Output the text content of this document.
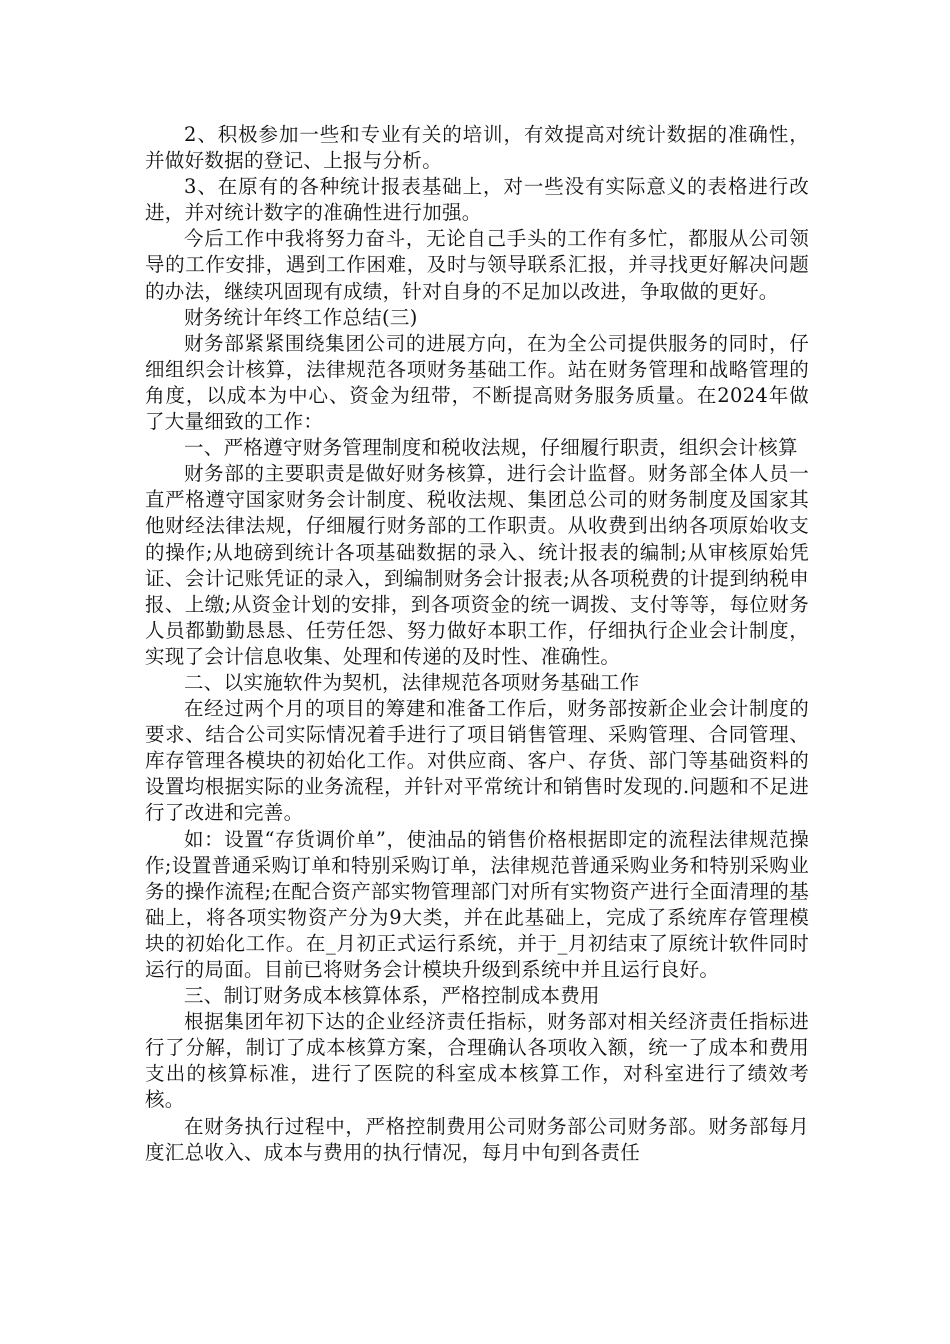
2、积极参加一些和专业有关的培训，有效提高对统计数据的准确性，并做好数据的登记、上报与分析。

3、在原有的各种统计报表基础上，对一些没有实际意义的表格进行改进，并对统计数字的准确性进行加强。

今后工作中我将努力奋斗，无论自己手头的工作有多忙，都服从公司领导的工作安排，遇到工作困难，及时与领导联系汇报，并寻找更好解决问题的办法，继续巩固现有成绩，针对自身的不足加以改进，争取做的更好。

财务统计年终工作总结(三)

财务部紧紧围绕集团公司的进展方向，在为全公司提供服务的同时，仔细组织会计核算，法律规范各项财务基础工作。站在财务管理和战略管理的角度，以成本为中心、资金为纽带，不断提高财务服务质量。在2024年做了大量细致的工作：

一、严格遵守财务管理制度和税收法规，仔细履行职责，组织会计核算

财务部的主要职责是做好财务核算，进行会计监督。财务部全体人员一直严格遵守国家财务会计制度、税收法规、集团总公司的财务制度及国家其他财经法律法规，仔细履行财务部的工作职责。从收费到出纳各项原始收支的操作;从地磅到统计各项基础数据的录入、统计报表的编制;从审核原始凭证、会计记账凭证的录入，到编制财务会计报表;从各项税费的计提到纳税申报、上缴;从资金计划的安排，到各项资金的统一调拨、支付等等，每位财务人员都勤勤恳恳、任劳任怨、努力做好本职工作，仔细执行企业会计制度，实现了会计信息收集、处理和传递的及时性、准确性。

二、以实施软件为契机，法律规范各项财务基础工作

在经过两个月的项目的筹建和准备工作后，财务部按新企业会计制度的要求、结合公司实际情况着手进行了项目销售管理、采购管理、合同管理、库存管理各模块的初始化工作。对供应商、客户、存货、部门等基础资料的设置均根据实际的业务流程，并针对平常统计和销售时发现的.问题和不足进行了改进和完善。

如：设置“存货调价单”，使油品的销售价格根据即定的流程法律规范操作;设置普通采购订单和特别采购订单，法律规范普通采购业务和特别采购业务的操作流程;在配合资产部实物管理部门对所有实物资产进行全面清理的基础上，将各项实物资产分为9大类，并在此基础上，完成了系统库存管理模块的初始化工作。在_月初正式运行系统，并于_月初结束了原统计软件同时运行的局面。目前已将财务会计模块升级到系统中并且运行良好。

三、制订财务成本核算体系，严格控制成本费用

根据集团年初下达的企业经济责任指标，财务部对相关经济责任指标进行了分解，制订了成本核算方案，合理确认各项收入额，统一了成本和费用支出的核算标准，进行了医院的科室成本核算工作，对科室进行了绩效考核。

在财务执行过程中，严格控制费用公司财务部公司财务部。财务部每月度汇总收入、成本与费用的执行情况，每月中旬到各责任
